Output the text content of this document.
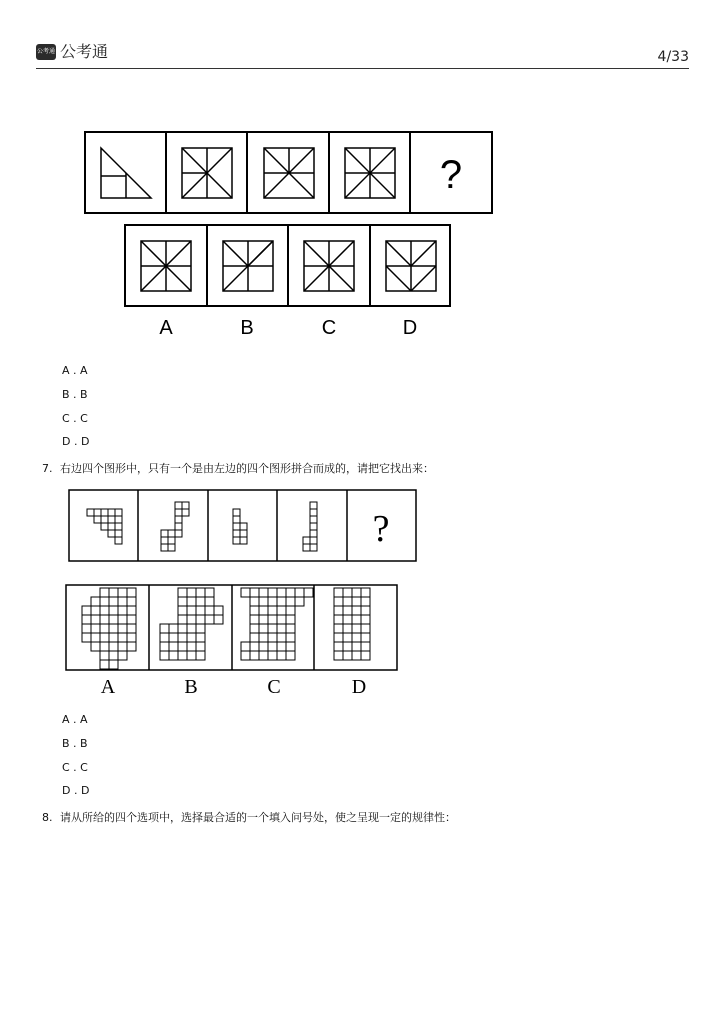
公考通 公考通	4/33
?
A	B	C	D
A . A
B . B
C . C
D . D
7. 右边四个图形中，只有一个是由左边的四个图形拼合而成的，请把它找出来：
?
A	B	C	D
A . A
B . B
C . C
D . D
8. 请从所给的四个选项中，选择最合适的一个填入问号处，使之呈现一定的规律性：
